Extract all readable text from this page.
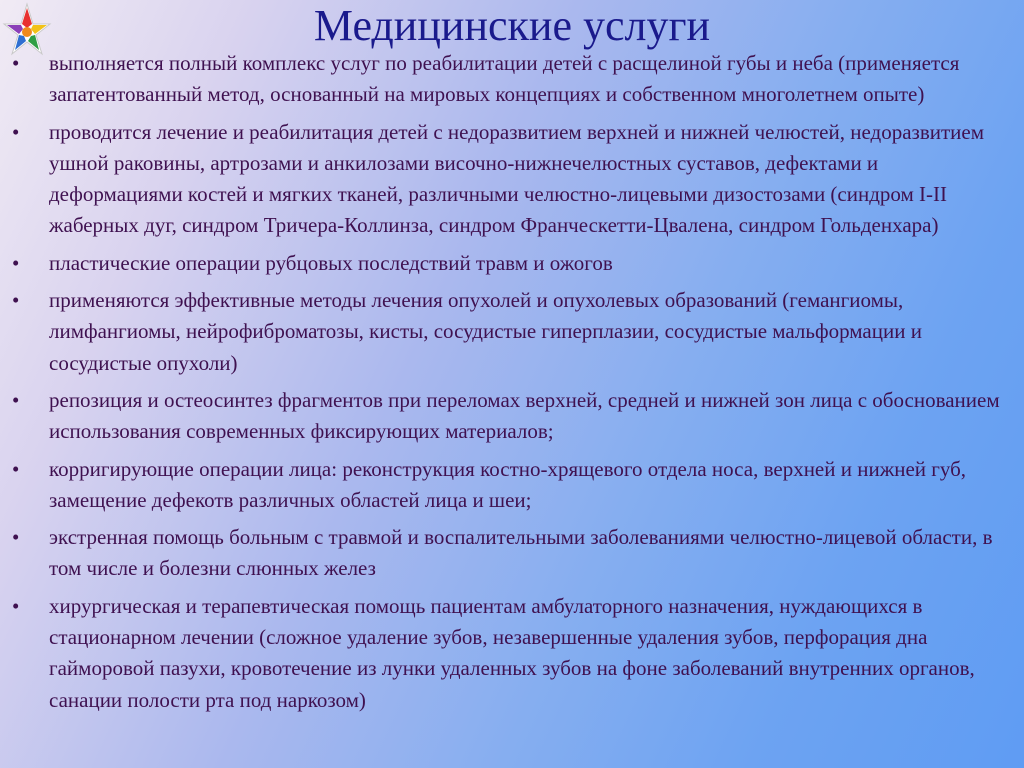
Медицинские услуги
• выполняется полный комплекс услуг по реабилитации детей с расщелиной губы и неба (применяется запатентованный метод, основанный на мировых концепциях и собственном многолетнем опыте)
• проводится лечение и реабилитация детей с недоразвитием верхней и нижней челюстей, недоразвитием ушной раковины, артрозами и анкилозами височно-нижнечелюстных суставов, дефектами и деформациями костей и мягких тканей, различными челюстно-лицевыми дизостозами (синдром I-II жаберных дуг, синдром Тричера-Коллинза, синдром Франческетти-Цвалена, синдром Гольденхара)
• пластические операции рубцовых последствий травм и ожогов
• применяются эффективные методы лечения опухолей и опухолевых образований (гемангиомы, лимфангиомы, нейрофиброматозы, кисты, сосудистые гиперплазии, сосудистые мальформации и сосудистые опухоли)
• репозиция и остеосинтез фрагментов при переломах верхней, средней и нижней зон лица с обоснованием использования современных фиксирующих материалов;
• корригирующие операции лица: реконструкция костно-хрящевого отдела носа, верхней и нижней губ, замещение дефекотв различных областей лица и шеи;
• экстренная помощь больным с травмой и воспалительными заболеваниями челюстно-лицевой области, в том числе и болезни слюнных желез
• хирургическая и терапевтическая помощь пациентам амбулаторного назначения, нуждающихся в стационарном лечении (сложное удаление зубов, незавершенные удаления зубов, перфорация дна гайморовой пазухи, кровотечение из лунки удаленных зубов на фоне заболеваний внутренних органов, санации полости рта под наркозом)
